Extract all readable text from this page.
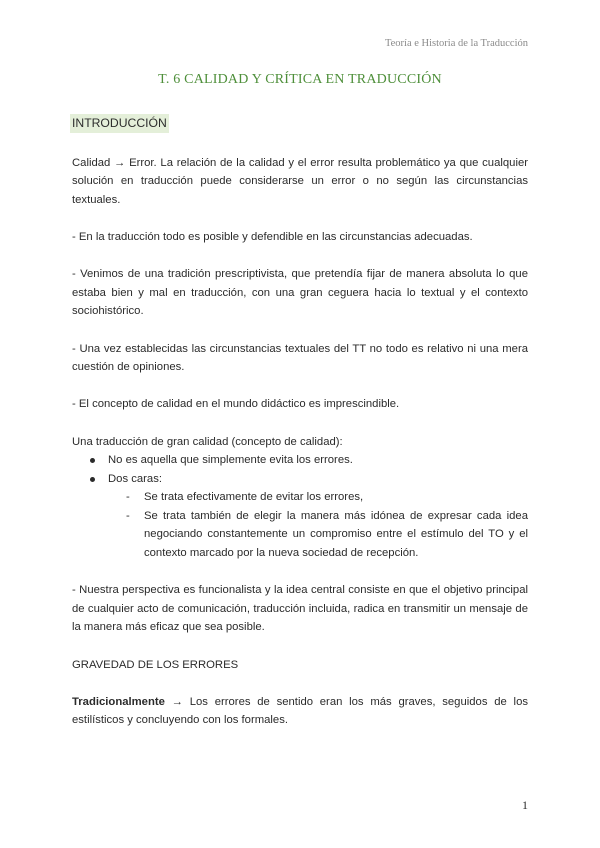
Teoría e Historia de la Traducción
T. 6 CALIDAD Y CRÍTICA EN TRADUCCIÓN
INTRODUCCIÓN

Calidad → Error. La relación de la calidad y el error resulta problemático ya que cualquier solución en traducción puede considerarse un error o no según las circunstancias textuales.

- En la traducción todo es posible y defendible en las circunstancias adecuadas.

- Venimos de una tradición prescriptivista, que pretendía fijar de manera absoluta lo que estaba bien y mal en traducción, con una gran ceguera hacia lo textual y el contexto sociohistórico.

- Una vez establecidas las circunstancias textuales del TT no todo es relativo ni una mera cuestión de opiniones.

- El concepto de calidad en el mundo didáctico es imprescindible.

Una traducción de gran calidad (concepto de calidad):

No es aquella que simplemente evita los errores.
Dos caras:
- Se trata efectivamente de evitar los errores,
- Se trata también de elegir la manera más idónea de expresar cada idea negociando constantemente un compromiso entre el estímulo del TO y el contexto marcado por la nueva sociedad de recepción.

- Nuestra perspectiva es funcionalista y la idea central consiste en que el objetivo principal de cualquier acto de comunicación, traducción incluida, radica en transmitir un mensaje de la manera más eficaz que sea posible.

GRAVEDAD DE LOS ERRORES

Tradicionalmente → Los errores de sentido eran los más graves, seguidos de los estilísticos y concluyendo con los formales.

1
